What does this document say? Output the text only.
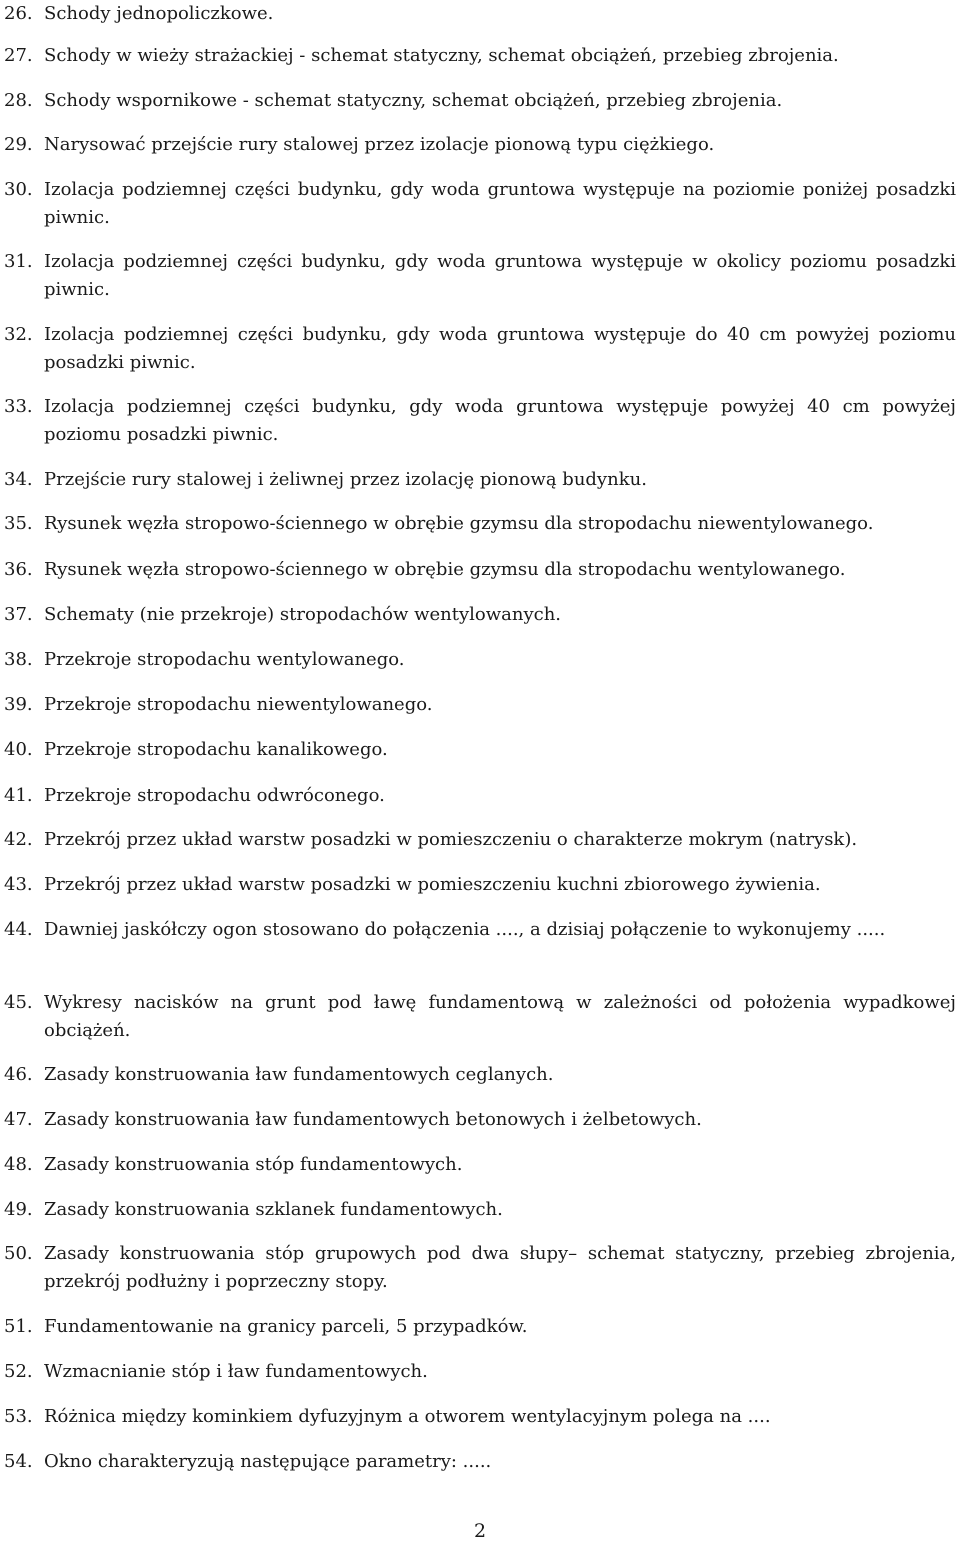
26. Schody jednopoliczkowe.
27. Schody w wieży strażackiej - schemat statyczny, schemat obciążeń, przebieg zbrojenia.
28. Schody wspornikowe - schemat statyczny, schemat obciążeń, przebieg zbrojenia.
29. Narysować przejście rury stalowej przez izolacje pionową typu ciężkiego.
30. Izolacja podziemnej części budynku, gdy woda gruntowa występuje na poziomie poniżej posadzki piwnic.
31. Izolacja podziemnej części budynku, gdy woda gruntowa występuje w okolicy poziomu posadzki piwnic.
32. Izolacja podziemnej części budynku, gdy woda gruntowa występuje do 40 cm powyżej poziomu posadzki piwnic.
33. Izolacja podziemnej części budynku, gdy woda gruntowa występuje powyżej 40 cm powyżej poziomu posadzki piwnic.
34. Przejście rury stalowej i żeliwnej przez izolację pionową budynku.
35. Rysunek węzła stropowo-ściennego w obrębie gzymsu dla stropodachu niewentylowanego.
36. Rysunek węzła stropowo-ściennego w obrębie gzymsu dla stropodachu wentylowanego.
37. Schematy (nie przekroje) stropodachów wentylowanych.
38. Przekroje stropodachu wentylowanego.
39. Przekroje stropodachu niewentylowanego.
40. Przekroje stropodachu kanalikowego.
41. Przekroje stropodachu odwróconego.
42. Przekrój przez układ warstw posadzki w pomieszczeniu o charakterze mokrym (natrysk).
43. Przekrój przez układ warstw posadzki w pomieszczeniu kuchni zbiorowego żywienia.
44. Dawniej jaskółczy ogon stosowano do połączenia ...., a dzisiaj połączenie to wykonujemy .....
45. Wykresy nacisków na grunt pod ławę fundamentową w zależności od położenia wypadkowej obciążeń.
46. Zasady konstruowania ław fundamentowych ceglanych.
47. Zasady konstruowania ław fundamentowych betonowych i żelbetowych.
48. Zasady konstruowania stóp fundamentowych.
49. Zasady konstruowania szklanek fundamentowych.
50. Zasady konstruowania stóp grupowych pod dwa słupy– schemat statyczny, przebieg zbrojenia, przekrój podłużny i poprzeczny stopy.
51. Fundamentowanie na granicy parceli, 5 przypadków.
52. Wzmacnianie stóp i ław fundamentowych.
53. Różnica między kominkiem dyfuzyjnym a otworem wentylacyjnym polega na ....
54. Okno charakteryzują następujące parametry: .....
2
